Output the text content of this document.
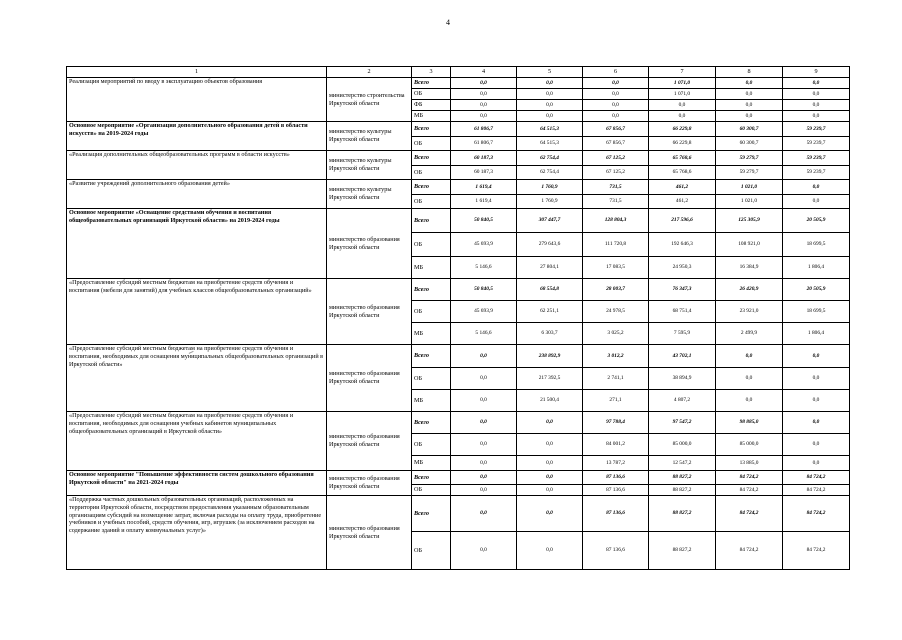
4
1	2	3	4	5	6	7	8	9
Реализация мероприятий по вводу в эксплуатацию объектов образования	министерство строительства Иркутской области	Всего	0,0	0,0	0,0	1 071,0	0,0	0,0
		ОБ	0,0	0,0	0,0	1 071,0	0,0	0,0
		ФБ	0,0	0,0	0,0	0,0	0,0	0,0
		МБ	0,0	0,0	0,0	0,0	0,0	0,0
Основное мероприятие «Организация дополнительного образования детей в области искусств» на 2019-2024 годы	министерство культуры Иркутской области	Всего	61 806,7	64 515,3	67 856,7	66 229,8	60 300,7	59 239,7
		ОБ	61 806,7	64 515,3	67 856,7	66 229,8	60 300,7	59 239,7
«Реализация дополнительных общеобразовательных программ в области искусств»	министерство культуры Иркутской области	Всего	60 187,3	62 754,4	67 125,2	65 768,6	59 279,7	59 239,7
		ОБ	60 187,3	62 754,4	67 125,2	65 768,6	59 279,7	59 239,7
«Развитие учреждений дополнительного образования детей»	министерство культуры Иркутской области	Всего	1 619,4	1 760,9	731,5	461,2	1 021,0	0,0
		ОБ	1 619,4	1 760,9	731,5	461,2	1 021,0	0,0
Основное мероприятие «Оснащение средствами обучения и воспитания общеобразовательных организаций Иркутской области» на 2019-2024 годы	министерство образования Иркутской области	Всего	50 840,5	307 447,7	128 804,3	217 596,6	125 305,9	20 505,9
		ОБ	45 693,9	279 643,6	111 720,8	192 646,3	108 921,0	18 699,5
		МБ	5 146,6	27 804,1	17 083,5	24 950,3	16 384,9	1 806,4
«Предоставление субсидий местным бюджетам на приобретение средств обучения и воспитания (мебели для занятий) для учебных классов общеобразовательных организаций»	министерство образования Иркутской области	Всего	50 840,5	68 554,8	28 003,7	76 347,3	26 420,9	20 505,9
		ОБ	45 693,9	62 251,1	24 978,5	68 751,4	23 921,0	18 699,5
		МБ	5 146,6	6 303,7	3 025,2	7 595,9	2 499,9	1 806,4
«Предоставление субсидий местным бюджетам на приобретение средств обучения и воспитания, необходимых для оснащения муниципальных общеобразовательных организаций в Иркутской области»	министерство образования Иркутской области	Всего	0,0	238 892,9	3 012,2	43 702,1	0,0	0,0
		ОБ	0,0	217 392,5	2 741,1	38 894,9	0,0	0,0
		МБ	0,0	21 500,4	271,1	4 807,2	0,0	0,0
«Предоставление субсидий местным бюджетам на приобретение средств обучения и воспитания, необходимых для оснащения учебных кабинетов муниципальных общеобразовательных организаций в Иркутской области»	министерство образования Иркутской области	Всего	0,0	0,0	97 788,4	97 547,2	98 885,0	0,0
		ОБ	0,0	0,0	84 001,2	85 000,0	85 000,0	0,0
		МБ	0,0	0,0	13 787,2	12 547,2	13 885,0	0,0
Основное мероприятие "Повышение эффективности систем дошкольного образования Иркутской области" на 2021-2024 годы	министерство образования Иркутской области	Всего	0,0	0,0	87 136,6	88 827,2	84 724,2	84 724,2
		ОБ	0,0	0,0	87 136,6	88 827,2	84 724,2	84 724,2
«Поддержка частных дошкольных образовательных организаций, расположенных на территории Иркутской области, посредством предоставления указанным образовательным организациям субсидий на возмещение затрат, включая расходы на оплату труда, приобретение учебников и учебных пособий, средств обучения, игр, игрушек (за исключением расходов на содержание зданий и оплату коммунальных услуг)»	министерство образования Иркутской области	Всего	0,0	0,0	87 136,6	88 827,2	84 724,2	84 724,2
		ОБ	0,0	0,0	87 136,6	88 827,2	84 724,2	84 724,2
